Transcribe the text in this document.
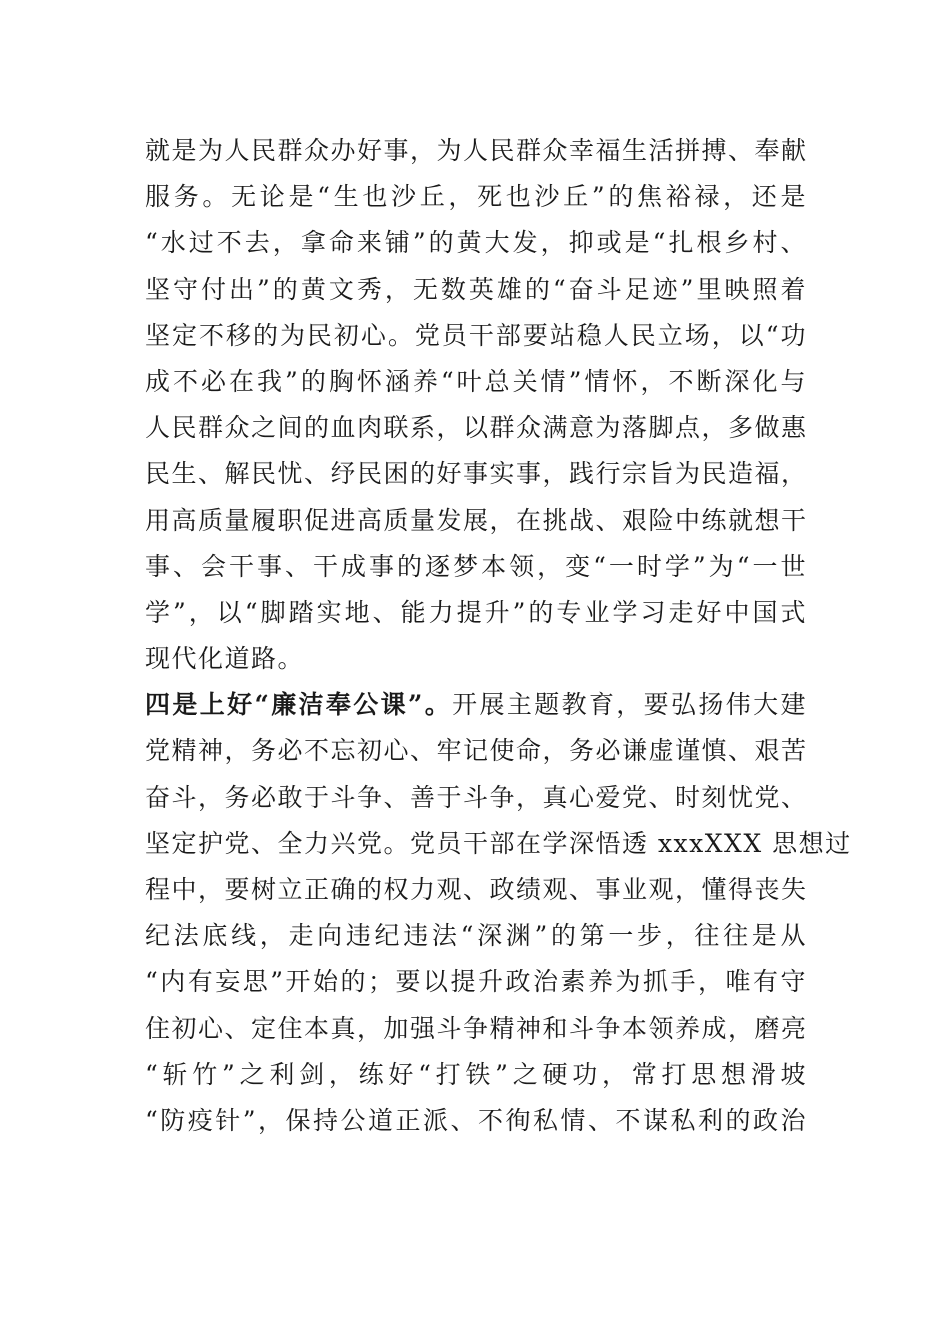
就是为人民群众办好事，为人民群众幸福生活拼搏、奉献
服务。无论是“生也沙丘，死也沙丘”的焦裕禄，还是
“水过不去，拿命来铺”的黄大发，抑或是“扎根乡村、
坚守付出”的黄文秀，无数英雄的“奋斗足迹”里映照着
坚定不移的为民初心。党员干部要站稳人民立场，以“功
成不必在我”的胸怀涵养“叶总关情”情怀，不断深化与
人民群众之间的血肉联系，以群众满意为落脚点，多做惠
民生、解民忧、纾民困的好事实事，践行宗旨为民造福，
用高质量履职促进高质量发展，在挑战、艰险中练就想干
事、会干事、干成事的逐梦本领，变“一时学”为“一世
学”，以“脚踏实地、能力提升”的专业学习走好中国式
现代化道路。
四是上好“廉洁奉公课”。开展主题教育，要弘扬伟大建
党精神，务必不忘初心、牢记使命，务必谦虚谨慎、艰苦
奋斗，务必敢于斗争、善于斗争，真心爱党、时刻忧党、
坚定护党、全力兴党。党员干部在学深悟透 xxxXXX 思想过
程中，要树立正确的权力观、政绩观、事业观，懂得丧失
纪法底线，走向违纪违法“深渊”的第一步，往往是从
“内有妄思”开始的；要以提升政治素养为抓手，唯有守
住初心、定住本真，加强斗争精神和斗争本领养成，磨亮
“斩竹”之利剑，练好“打铁”之硬功，常打思想滑坡
“防疫针”，保持公道正派、不徇私情、不谋私利的政治
